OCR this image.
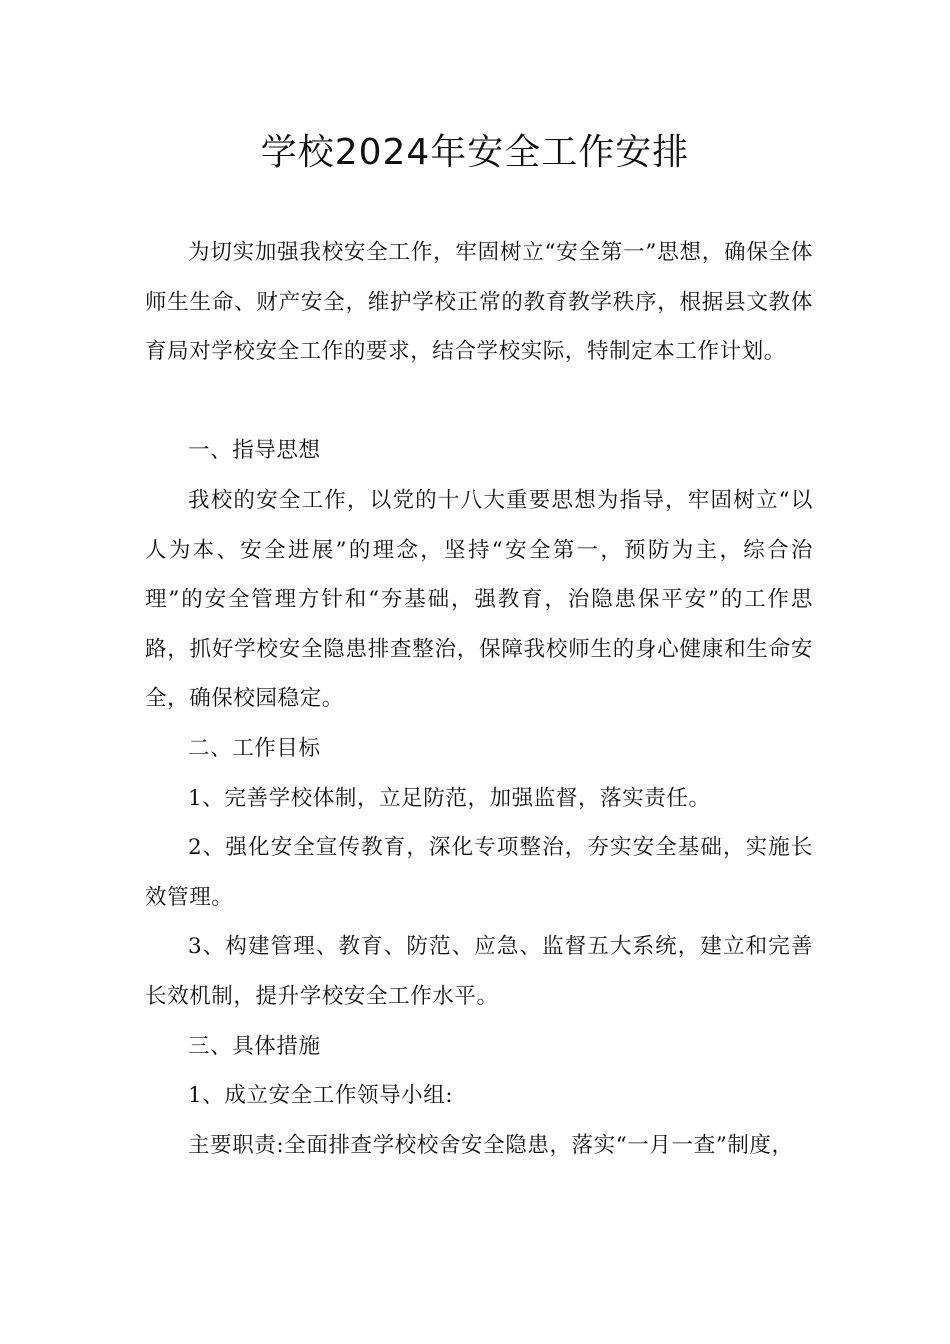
学校2024年安全工作安排

为切实加强我校安全工作，牢固树立“安全第一”思想，确保全体师生生命、财产安全，维护学校正常的教育教学秩序，根据县文教体育局对学校安全工作的要求，结合学校实际，特制定本工作计划。

一、指导思想

我校的安全工作，以党的十八大重要思想为指导，牢固树立“以人为本、安全进展”的理念，坚持“安全第一，预防为主，综合治理”的安全管理方针和“夯基础，强教育，治隐患保平安”的工作思路，抓好学校安全隐患排查整治，保障我校师生的身心健康和生命安全，确保校园稳定。

二、工作目标

1、完善学校体制，立足防范，加强监督，落实责任。

2、强化安全宣传教育，深化专项整治，夯实安全基础，实施长效管理。

3、构建管理、教育、防范、应急、监督五大系统，建立和完善长效机制，提升学校安全工作水平。

三、具体措施

1、成立安全工作领导小组:

主要职责:全面排查学校校舍安全隐患，落实“一月一查”制度，
